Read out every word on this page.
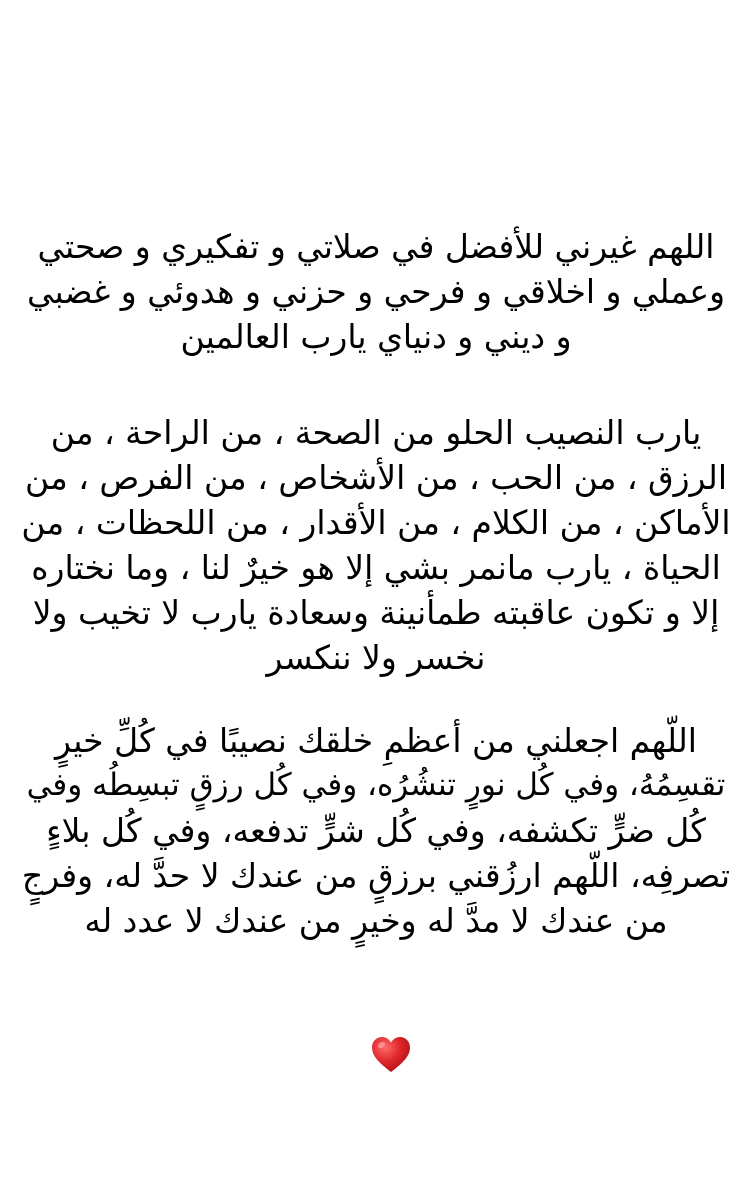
اللهم غيرني للأفضل في صلاتي و تفكيري و صحتي
وعملي و اخلاقي و فرحي و حزني و هدوئي و غضبي
و ديني و دنياي يارب العالمين
يارب النصيب الحلو من الصحة ، من الراحة ، من
الرزق ، من الحب ، من الأشخاص ، من الفرص ، من
الأماكن ، من الكلام ، من الأقدار ، من اللحظات ، من
الحياة ، يارب مانمر بشي إلا هو خيرٌ لنا ، وما نختاره
إلا و تكون عاقبته طمأنينة وسعادة يارب لا تخيب ولا
نخسر ولا ننكسر
اللّهم اجعلني من أعظمِ خلقك نصيبًا في كُلِّ خيرٍ
تقسِمُهُ، وفي كُل نورٍ تنشُرُه، وفي كُل رزقٍ تبسِطُه وفي
كُل ضرٍّ تكشفه، وفي كُل شرٍّ تدفعه، وفي كُل بلاءٍ
تصرفِه، اللّهم ارزُقني برزقٍ من عندك لا حدَّ له، وفرجٍ
من عندك لا مدَّ له وخيرٍ من عندك لا عدد له
